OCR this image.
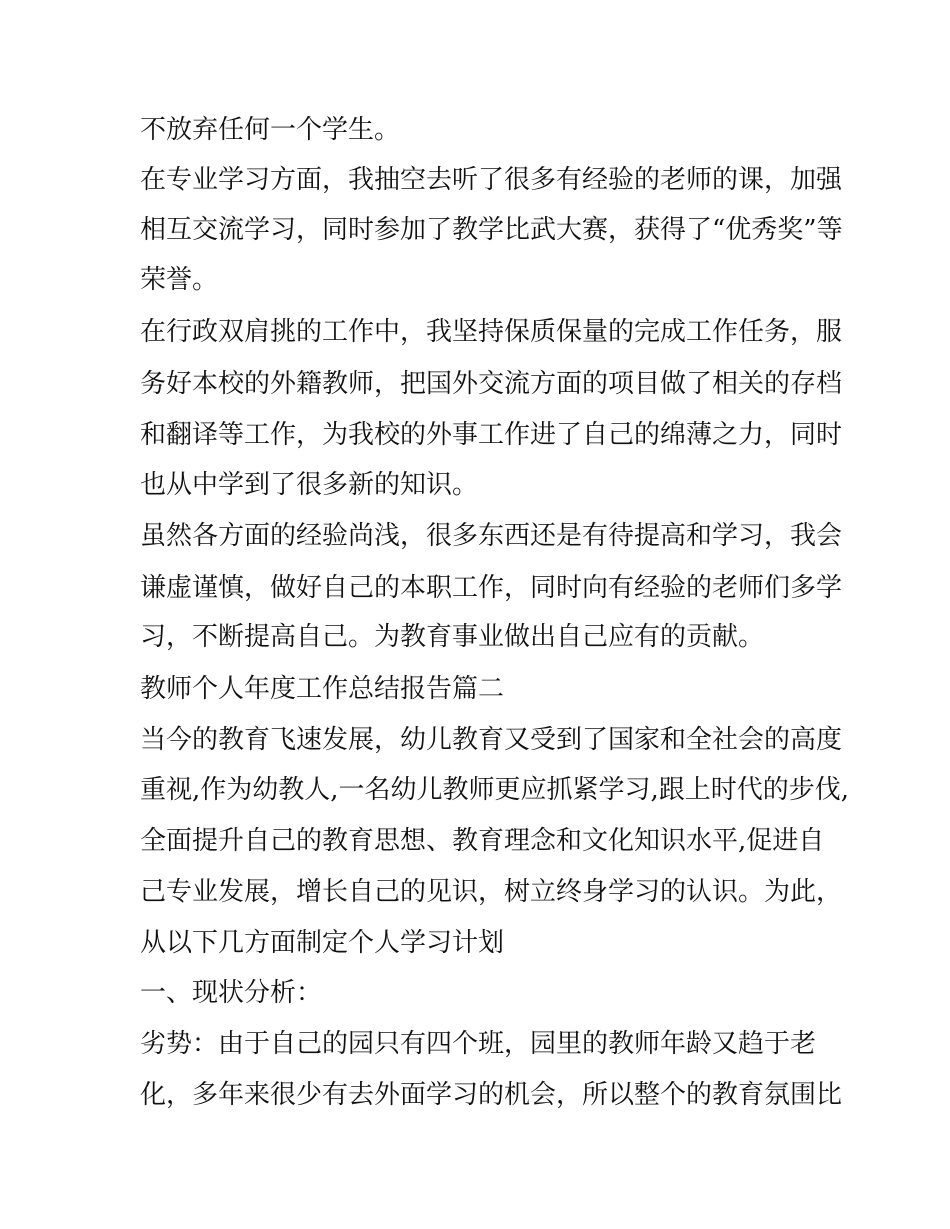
不放弃任何一个学生。

在专业学习方面，我抽空去听了很多有经验的老师的课，加强

相互交流学习，同时参加了教学比武大赛，获得了“优秀奖”等

荣誉。

在行政双肩挑的工作中，我坚持保质保量的完成工作任务，服

务好本校的外籍教师，把国外交流方面的项目做了相关的存档

和翻译等工作，为我校的外事工作进了自己的绵薄之力，同时

也从中学到了很多新的知识。

虽然各方面的经验尚浅，很多东西还是有待提高和学习，我会

谦虚谨慎，做好自己的本职工作，同时向有经验的老师们多学

习，不断提高自己。为教育事业做出自己应有的贡献。

教师个人年度工作总结报告篇二

当今的教育飞速发展，幼儿教育又受到了国家和全社会的高度

重视,作为幼教人,一名幼儿教师更应抓紧学习,跟上时代的步伐,

全面提升自己的教育思想、教育理念和文化知识水平,促进自

己专业发展，增长自己的见识，树立终身学习的认识。为此，

从以下几方面制定个人学习计划

一、现状分析：

劣势：由于自己的园只有四个班，园里的教师年龄又趋于老

化，多年来很少有去外面学习的机会，所以整个的教育氛围比
